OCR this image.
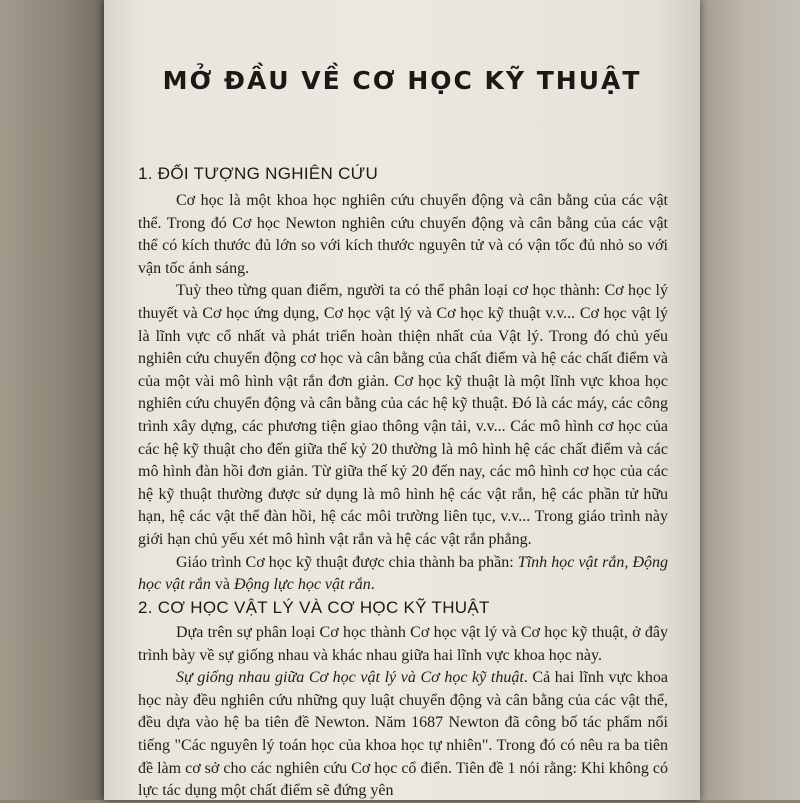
MỞ ĐẦU VỀ CƠ HỌC KỸ THUẬT
1. ĐỐI TƯỢNG NGHIÊN CỨU

Cơ học là một khoa học nghiên cứu chuyển động và cân bằng của các vật thể. Trong đó Cơ học Newton nghiên cứu chuyển động và cân bằng của các vật thể có kích thước đủ lớn so với kích thước nguyên tử và có vận tốc đủ nhỏ so với vận tốc ánh sáng.

Tuỳ theo từng quan điểm, người ta có thể phân loại cơ học thành: Cơ học lý thuyết và Cơ học ứng dụng, Cơ học vật lý và Cơ học kỹ thuật v.v... Cơ học vật lý là lĩnh vực cổ nhất và phát triển hoàn thiện nhất của Vật lý. Trong đó chủ yếu nghiên cứu chuyển động cơ học và cân bằng của chất điểm và hệ các chất điểm và của một vài mô hình vật rắn đơn giản. Cơ học kỹ thuật là một lĩnh vực khoa học nghiên cứu chuyển động và cân bằng của các hệ kỹ thuật. Đó là các máy, các công trình xây dựng, các phương tiện giao thông vận tải, v.v... Các mô hình cơ học của các hệ kỹ thuật cho đến giữa thế kỷ 20 thường là mô hình hệ các chất điểm và các mô hình đàn hồi đơn giản. Từ giữa thế kỷ 20 đến nay, các mô hình cơ học của các hệ kỹ thuật thường được sử dụng là mô hình hệ các vật rắn, hệ các phần tử hữu hạn, hệ các vật thể đàn hồi, hệ các môi trường liên tục, v.v... Trong giáo trình này giới hạn chủ yếu xét mô hình vật rắn và hệ các vật rắn phẳng.

Giáo trình Cơ học kỹ thuật được chia thành ba phần: Tĩnh học vật rắn, Động học vật rắn và Động lực học vật rắn.

2. CƠ HỌC VẬT LÝ VÀ CƠ HỌC KỸ THUẬT

Dựa trên sự phân loại Cơ học thành Cơ học vật lý và Cơ học kỹ thuật, ở đây trình bày về sự giống nhau và khác nhau giữa hai lĩnh vực khoa học này.

Sự giống nhau giữa Cơ học vật lý và Cơ học kỹ thuật. Cả hai lĩnh vực khoa học này đều nghiên cứu những quy luật chuyển động và cân bằng của các vật thể, đều dựa vào hệ ba tiên đề Newton. Năm 1687 Newton đã công bố tác phẩm nổi tiếng "Các nguyên lý toán học của khoa học tự nhiên". Trong đó có nêu ra ba tiên đề làm cơ sở cho các nghiên cứu Cơ học cổ điển. Tiên đề 1 nói rằng: Khi không có lực tác dụng một chất điểm sẽ đứng yên
